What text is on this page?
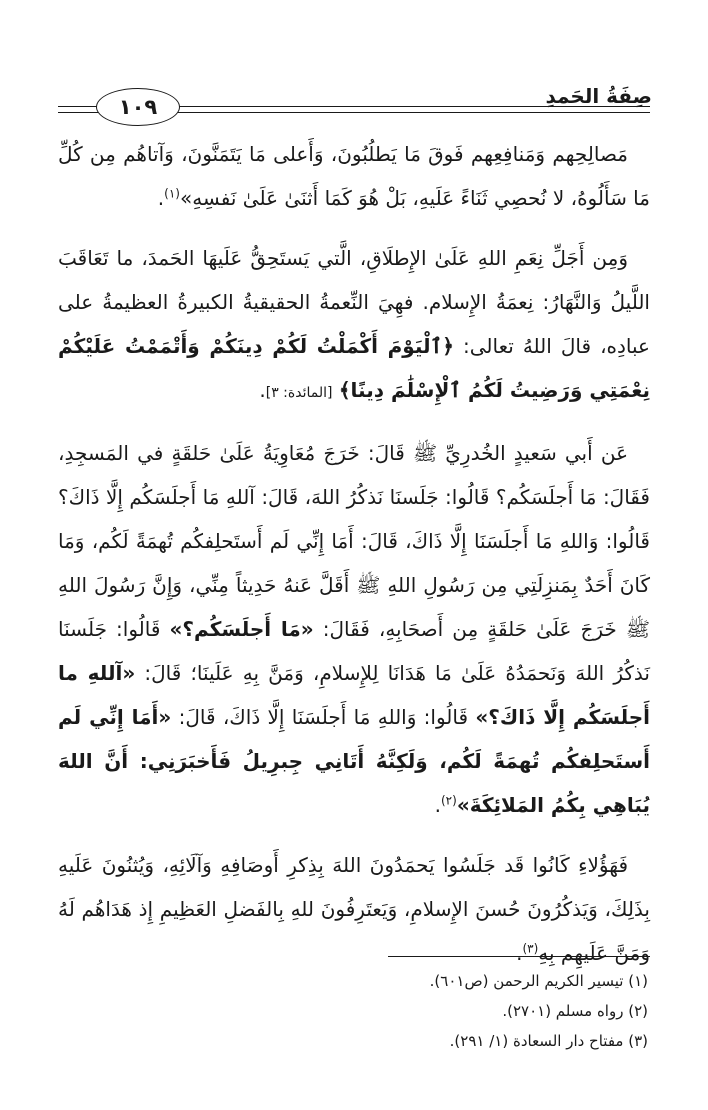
صِفَةُ الحَمدِ
١٠٩

مَصالِحِهم وَمَنافِعِهم فَوقَ مَا يَطلُبُونَ، وَأَعلى مَا يَتَمَنَّونَ، وَآتاهُم مِن كُلِّ مَا سَأَلُوهُ، لا نُحصِي ثَنَاءً عَلَيهِ، بَلْ هُوَ كَمَا أَثنَىٰ عَلَىٰ نَفسِهِ»$^{(١)}$.

وَمِن أَجَلِّ نِعَمِ اللهِ عَلَىٰ الإِطلَاقِ، الَّتي يَستَحِقُّ عَلَيهَا الحَمدَ، ما تَعَاقَبَ اللَّيلُ وَالنَّهَارُ: نِعمَةُ الإِسلام. فهِيَ النِّعمةُ الحقيقيةُ الكبيرةُ العظيمةُ على عبادِه، قالَ اللهُ تعالى: ﴿ٱلْيَوْمَ أَكْمَلْتُ لَكُمْ دِينَكُمْ وَأَتْمَمْتُ عَلَيْكُمْ نِعْمَتِي وَرَضِيتُ لَكُمُ ٱلْإِسْلَٰمَ دِينًا﴾ [المائدة: ٣].

عَن أَبي سَعيدٍ الخُدرِيِّ ﷺ قَالَ: خَرَجَ مُعَاوِيَةُ عَلَىٰ حَلقَةٍ في المَسجِدِ، فَقَالَ: مَا أَجلَسَكُم؟ قَالُوا: جَلَسنَا نَذكُرُ اللهَ، قَالَ: آللهِ مَا أَجلَسَكُم إِلَّا ذَاكَ؟ قَالُوا: وَاللهِ مَا أَجلَسَنَا إِلَّا ذَاكَ، قَالَ: أَمَا إِنِّي لَم أَستَحلِفكُم تُهمَةً لَكُم، وَمَا كَانَ أَحَدٌ بِمَنزِلَتِي مِن رَسُولِ اللهِ ﷺ أَقَلَّ عَنهُ حَدِيثاً مِنِّي، وَإِنَّ رَسُولَ اللهِ ﷺ خَرَجَ عَلَىٰ حَلقَةٍ مِن أَصحَابِهِ، فَقَالَ: «مَا أَجلَسَكُم؟» قَالُوا: جَلَسنَا نَذكُرُ اللهَ وَنَحمَدُهُ عَلَىٰ مَا هَدَانَا لِلإِسلامِ، وَمَنَّ بِهِ عَلَينَا؛ قَالَ: «آللهِ ما أَجلَسَكُم إِلَّا ذَاكَ؟» قَالُوا: وَاللهِ مَا أَجلَسَنَا إِلَّا ذَاكَ، قَالَ: «أَمَا إِنِّي لَم أَستَحلِفكُم تُهمَةً لَكُم، وَلَكِنَّهُ أَتَانِي جِبرِيلُ فَأَخبَرَنِي: أَنَّ اللهَ يُبَاهِي بِكُمُ المَلائِكَةَ»$^{(٢)}$.

فَهَؤُلاءِ كَانُوا قَد جَلَسُوا يَحمَدُونَ اللهَ بِذِكرِ أَوصَافِهِ وَآلَائِهِ، وَيُثنُونَ عَلَيهِ بِذَلِكَ، وَيَذكُرُونَ حُسنَ الإِسلامِ، وَيَعتَرِفُونَ للهِ بِالفَضلِ العَظِيمِ إِذ هَدَاهُم لَهُ وَمَنَّ عَلَيهِم بِهِ$^{(٣)}$.

(١) تيسير الكريم الرحمن (ص٦٠١).
(٢) رواه مسلم (٢٧٠١).
(٣) مفتاح دار السعادة (١/ ٢٩١).
